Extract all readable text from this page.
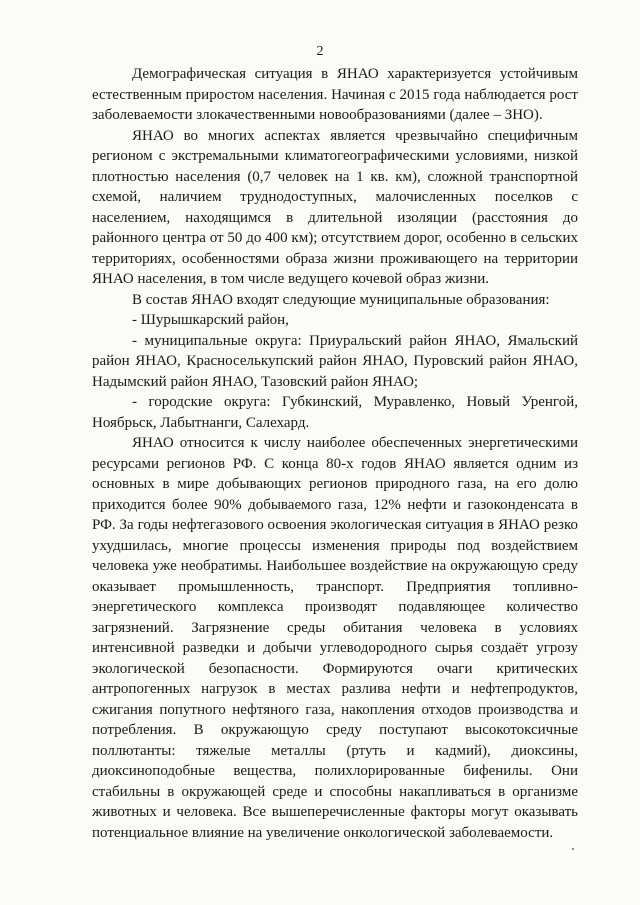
2

Демографическая ситуация в ЯНАО характеризуется устойчивым естественным приростом населения. Начиная с 2015 года наблюдается рост заболеваемости злокачественными новообразованиями (далее – ЗНО).

ЯНАО во многих аспектах является чрезвычайно специфичным регионом с экстремальными климатогеографическими условиями, низкой плотностью населения (0,7 человек на 1 кв. км), сложной транспортной схемой, наличием труднодоступных, малочисленных поселков с населением, находящимся в длительной изоляции (расстояния до районного центра от 50 до 400 км); отсутствием дорог, особенно в сельских территориях, особенностями образа жизни проживающего на территории ЯНАО населения, в том числе ведущего кочевой образ жизни.

В состав ЯНАО входят следующие муниципальные образования:

- Шурышкарский район,

- муниципальные округа: Приуральский район ЯНАО, Ямальский район ЯНАО, Красноселькупский район ЯНАО, Пуровский район ЯНАО, Надымский район ЯНАО, Тазовский район ЯНАО;

- городские округа: Губкинский, Муравленко, Новый Уренгой, Ноябрьск, Лабытнанги, Салехард.

ЯНАО относится к числу наиболее обеспеченных энергетическими ресурсами регионов РФ. С конца 80-х годов ЯНАО является одним из основных в мире добывающих регионов природного газа, на его долю приходится более 90% добываемого газа, 12% нефти и газоконденсата в РФ. За годы нефтегазового освоения экологическая ситуация в ЯНАО резко ухудшилась, многие процессы изменения природы под воздействием человека уже необратимы. Наибольшее воздействие на окружающую среду оказывает промышленность, транспорт. Предприятия топливно-энергетического комплекса производят подавляющее количество загрязнений. Загрязнение среды обитания человека в условиях интенсивной разведки и добычи углеводородного сырья создаёт угрозу экологической безопасности. Формируются очаги критических антропогенных нагрузок в местах разлива нефти и нефтепродуктов, сжигания попутного нефтяного газа, накопления отходов производства и потребления. В окружающую среду поступают высокотоксичные поллютанты: тяжелые металлы (ртуть и кадмий), диоксины, диоксиноподобные вещества, полихлорированные бифенилы. Они стабильны в окружающей среде и способны накапливаться в организме животных и человека. Все вышеперечисленные факторы могут оказывать потенциальное влияние на увеличение онкологической заболеваемости.
